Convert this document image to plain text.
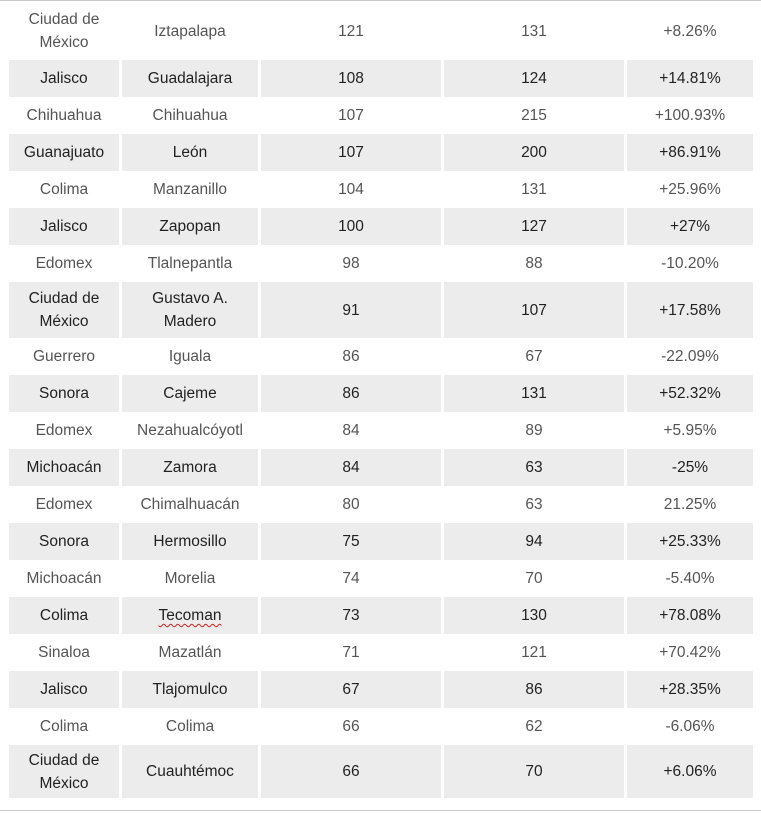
Ciudad de México	Iztapalapa	121	131	+8.26%
Jalisco	Guadalajara	108	124	+14.81%
Chihuahua	Chihuahua	107	215	+100.93%
Guanajuato	León	107	200	+86.91%
Colima	Manzanillo	104	131	+25.96%
Jalisco	Zapopan	100	127	+27%
Edomex	Tlalnepantla	98	88	-10.20%
Ciudad de México	Gustavo A. Madero	91	107	+17.58%
Guerrero	Iguala	86	67	-22.09%
Sonora	Cajeme	86	131	+52.32%
Edomex	Nezahualcóyotl	84	89	+5.95%
Michoacán	Zamora	84	63	-25%
Edomex	Chimalhuacán	80	63	21.25%
Sonora	Hermosillo	75	94	+25.33%
Michoacán	Morelia	74	70	-5.40%
Colima	Tecoman	73	130	+78.08%
Sinaloa	Mazatlán	71	121	+70.42%
Jalisco	Tlajomulco	67	86	+28.35%
Colima	Colima	66	62	-6.06%
Ciudad de México	Cuauhtémoc	66	70	+6.06%
